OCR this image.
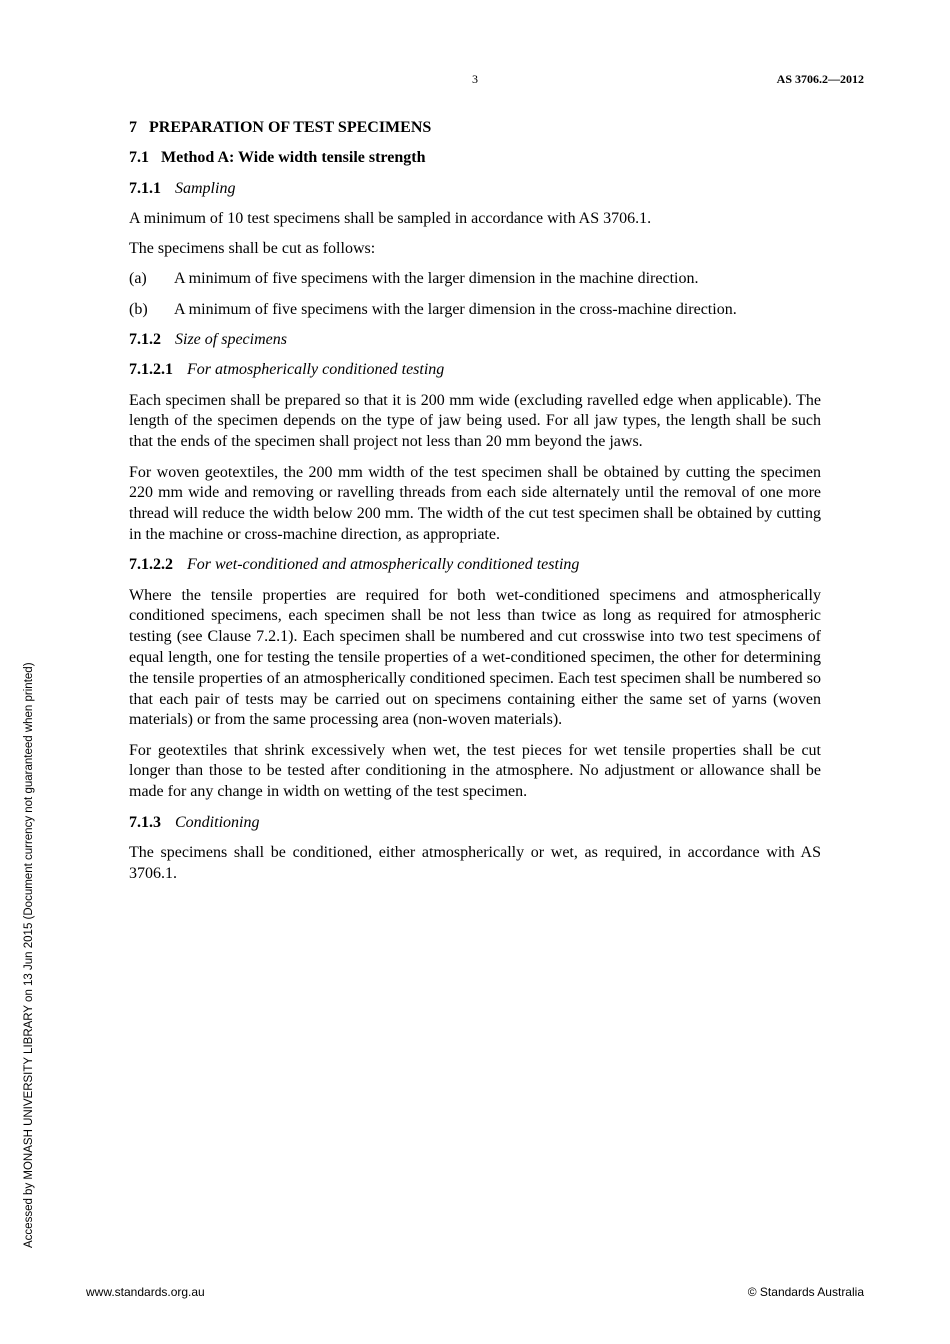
3	AS 3706.2—2012

7   PREPARATION OF TEST SPECIMENS

7.1   Method A: Wide width tensile strength

7.1.1 Sampling

A minimum of 10 test specimens shall be sampled in accordance with AS 3706.1.

The specimens shall be cut as follows:

(a)	A minimum of five specimens with the larger dimension in the machine direction.
(b)	A minimum of five specimens with the larger dimension in the cross-machine direction.

7.1.2 Size of specimens

7.1.2.1 For atmospherically conditioned testing

Each specimen shall be prepared so that it is 200 mm wide (excluding ravelled edge when applicable). The length of the specimen depends on the type of jaw being used. For all jaw types, the length shall be such that the ends of the specimen shall project not less than 20 mm beyond the jaws.

For woven geotextiles, the 200 mm width of the test specimen shall be obtained by cutting the specimen 220 mm wide and removing or ravelling threads from each side alternately until the removal of one more thread will reduce the width below 200 mm. The width of the cut test specimen shall be obtained by cutting in the machine or cross-machine direction, as appropriate.

7.1.2.2 For wet-conditioned and atmospherically conditioned testing

Where the tensile properties are required for both wet-conditioned specimens and atmospherically conditioned specimens, each specimen shall be not less than twice as long as required for atmospheric testing (see Clause 7.2.1). Each specimen shall be numbered and cut crosswise into two test specimens of equal length, one for testing the tensile properties of a wet-conditioned specimen, the other for determining the tensile properties of an atmospherically conditioned specimen. Each test specimen shall be numbered so that each pair of tests may be carried out on specimens containing either the same set of yarns (woven materials) or from the same processing area (non-woven materials).

For geotextiles that shrink excessively when wet, the test pieces for wet tensile properties shall be cut longer than those to be tested after conditioning in the atmosphere. No adjustment or allowance shall be made for any change in width on wetting of the test specimen.

7.1.3 Conditioning

The specimens shall be conditioned, either atmospherically or wet, as required, in accordance with AS 3706.1.

Accessed by MONASH UNIVERSITY LIBRARY on 13 Jun 2015 (Document currency not guaranteed when printed)
www.standards.org.au	© Standards Australia
